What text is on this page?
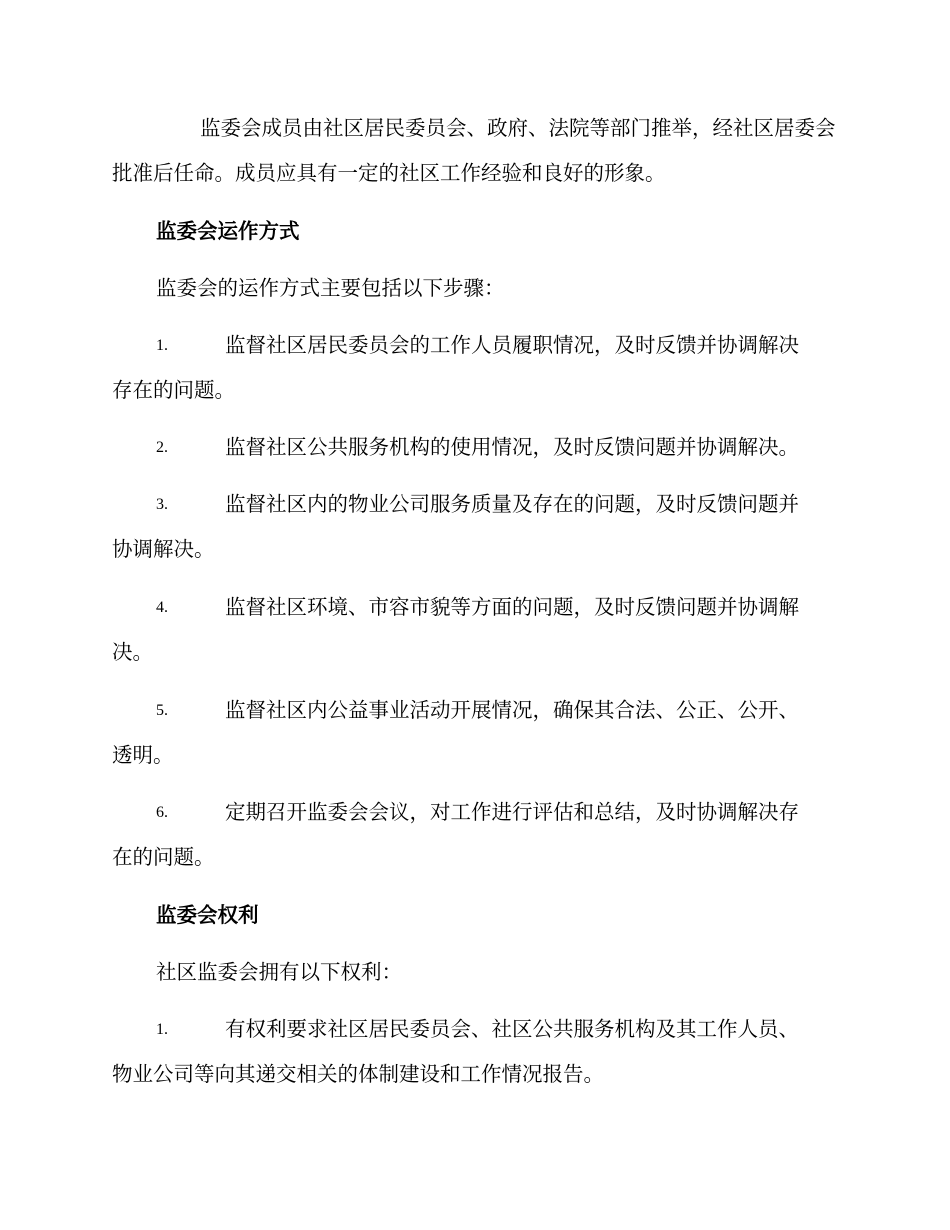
监委会成员由社区居民委员会、政府、法院等部门推举，经社区居委会
批准后任命。成员应具有一定的社区工作经验和良好的形象。
监委会运作方式
监委会的运作方式主要包括以下步骤：
1.	监督社区居民委员会的工作人员履职情况，及时反馈并协调解决
存在的问题。
2.	监督社区公共服务机构的使用情况，及时反馈问题并协调解决。
3.	监督社区内的物业公司服务质量及存在的问题，及时反馈问题并
协调解决。
4.	监督社区环境、市容市貌等方面的问题，及时反馈问题并协调解
决。
5.	监督社区内公益事业活动开展情况，确保其合法、公正、公开、
透明。
6.	定期召开监委会会议，对工作进行评估和总结，及时协调解决存
在的问题。
监委会权利
社区监委会拥有以下权利：
1.	有权利要求社区居民委员会、社区公共服务机构及其工作人员、
物业公司等向其递交相关的体制建设和工作情况报告。
